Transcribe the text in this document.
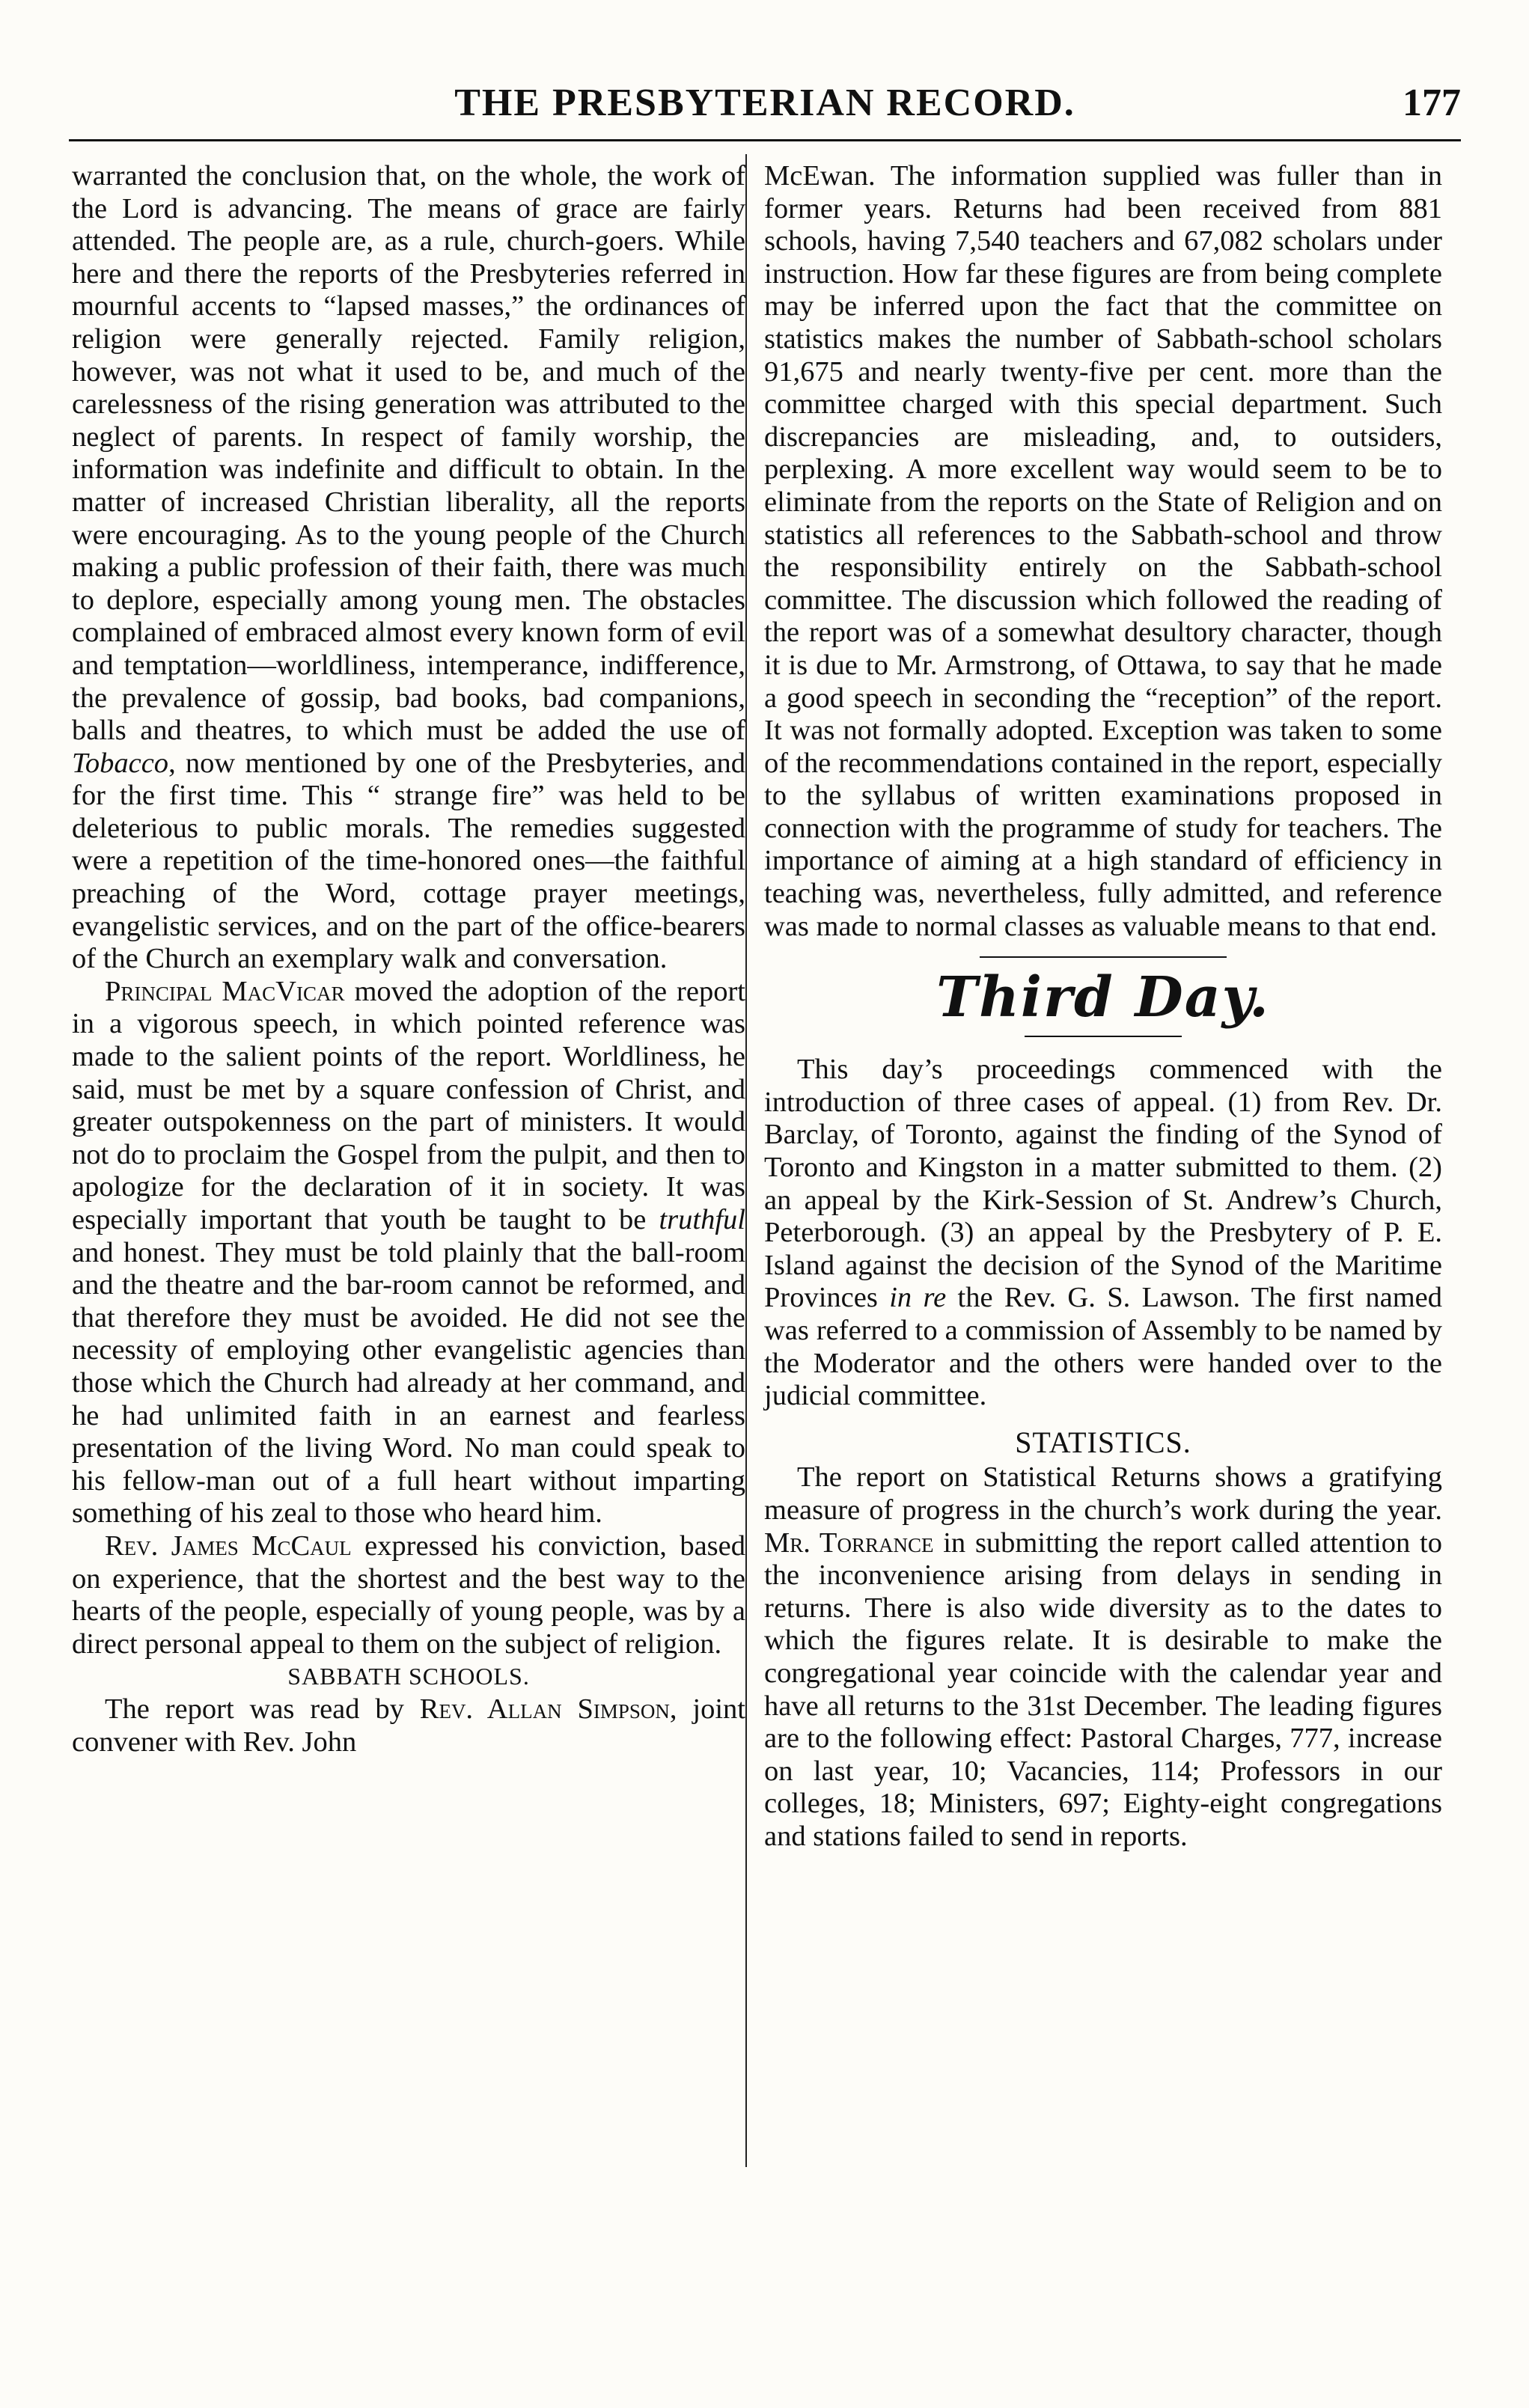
THE PRESBYTERIAN RECORD.	177

warranted the conclusion that, on the whole, the work of the Lord is advancing. The means of grace are fairly attended. The people are, as a rule, church-goers. While here and there the reports of the Presbyteries referred in mournful accents to “lapsed masses,” the ordinances of religion were generally rejected. Family religion, however, was not what it used to be, and much of the carelessness of the rising generation was attributed to the neglect of parents. In respect of family worship, the information was indefinite and difficult to obtain. In the matter of increased Christian liberality, all the reports were encouraging. As to the young people of the Church making a public profession of their faith, there was much to deplore, especially among young men. The obstacles complained of embraced almost every known form of evil and temptation—worldliness, intemperance, indifference, the prevalence of gossip, bad books, bad companions, balls and theatres, to which must be added the use of Tobacco, now mentioned by one of the Presbyteries, and for the first time. This “ strange fire” was held to be deleterious to public morals. The remedies suggested were a repetition of the time-honored ones—the faithful preaching of the Word, cottage prayer meetings, evangelistic services, and on the part of the office-bearers of the Church an exemplary walk and conversation.

Principal MacVicar moved the adoption of the report in a vigorous speech, in which pointed reference was made to the salient points of the report. Worldliness, he said, must be met by a square confession of Christ, and greater outspokenness on the part of ministers. It would not do to proclaim the Gospel from the pulpit, and then to apologize for the declaration of it in society. It was especially important that youth be taught to be truthful and honest. They must be told plainly that the ball-room and the theatre and the bar-room cannot be reformed, and that therefore they must be avoided. He did not see the necessity of employing other evangelistic agencies than those which the Church had already at her command, and he had unlimited faith in an earnest and fearless presentation of the living Word. No man could speak to his fellow-man out of a full heart without imparting something of his zeal to those who heard him.

Rev. James McCaul expressed his conviction, based on experience, that the shortest and the best way to the hearts of the people, especially of young people, was by a direct personal appeal to them on the subject of religion.

SABBATH SCHOOLS.

The report was read by Rev. Allan Simpson, joint convener with Rev. John

McEwan. The information supplied was fuller than in former years. Returns had been received from 881 schools, having 7,540 teachers and 67,082 scholars under instruction. How far these figures are from being complete may be inferred upon the fact that the committee on statistics makes the number of Sabbath-school scholars 91,675 and nearly twenty-five per cent. more than the committee charged with this special department. Such discrepancies are misleading, and, to outsiders, perplexing. A more excellent way would seem to be to eliminate from the reports on the State of Religion and on statistics all references to the Sabbath-school and throw the responsibility entirely on the Sabbath-school committee. The discussion which followed the reading of the report was of a somewhat desultory character, though it is due to Mr. Armstrong, of Ottawa, to say that he made a good speech in seconding the “reception” of the report. It was not formally adopted. Exception was taken to some of the recommendations contained in the report, especially to the syllabus of written examinations proposed in connection with the programme of study for teachers. The importance of aiming at a high standard of efficiency in teaching was, nevertheless, fully admitted, and reference was made to normal classes as valuable means to that end.

Third Day.

This day’s proceedings commenced with the introduction of three cases of appeal. (1) from Rev. Dr. Barclay, of Toronto, against the finding of the Synod of Toronto and Kingston in a matter submitted to them. (2) an appeal by the Kirk-Session of St. Andrew’s Church, Peterborough. (3) an appeal by the Presbytery of P. E. Island against the decision of the Synod of the Maritime Provinces in re the Rev. G. S. Lawson. The first named was referred to a commission of Assembly to be named by the Moderator and the others were handed over to the judicial committee.

STATISTICS.

The report on Statistical Returns shows a gratifying measure of progress in the church’s work during the year. Mr. Torrance in submitting the report called attention to the inconvenience arising from delays in sending in returns. There is also wide diversity as to the dates to which the figures relate. It is desirable to make the congregational year coincide with the calendar year and have all returns to the 31st December. The leading figures are to the following effect: Pastoral Charges, 777, increase on last year, 10; Vacancies, 114; Professors in our colleges, 18; Ministers, 697; Eighty-eight congregations and stations failed to send in reports.
